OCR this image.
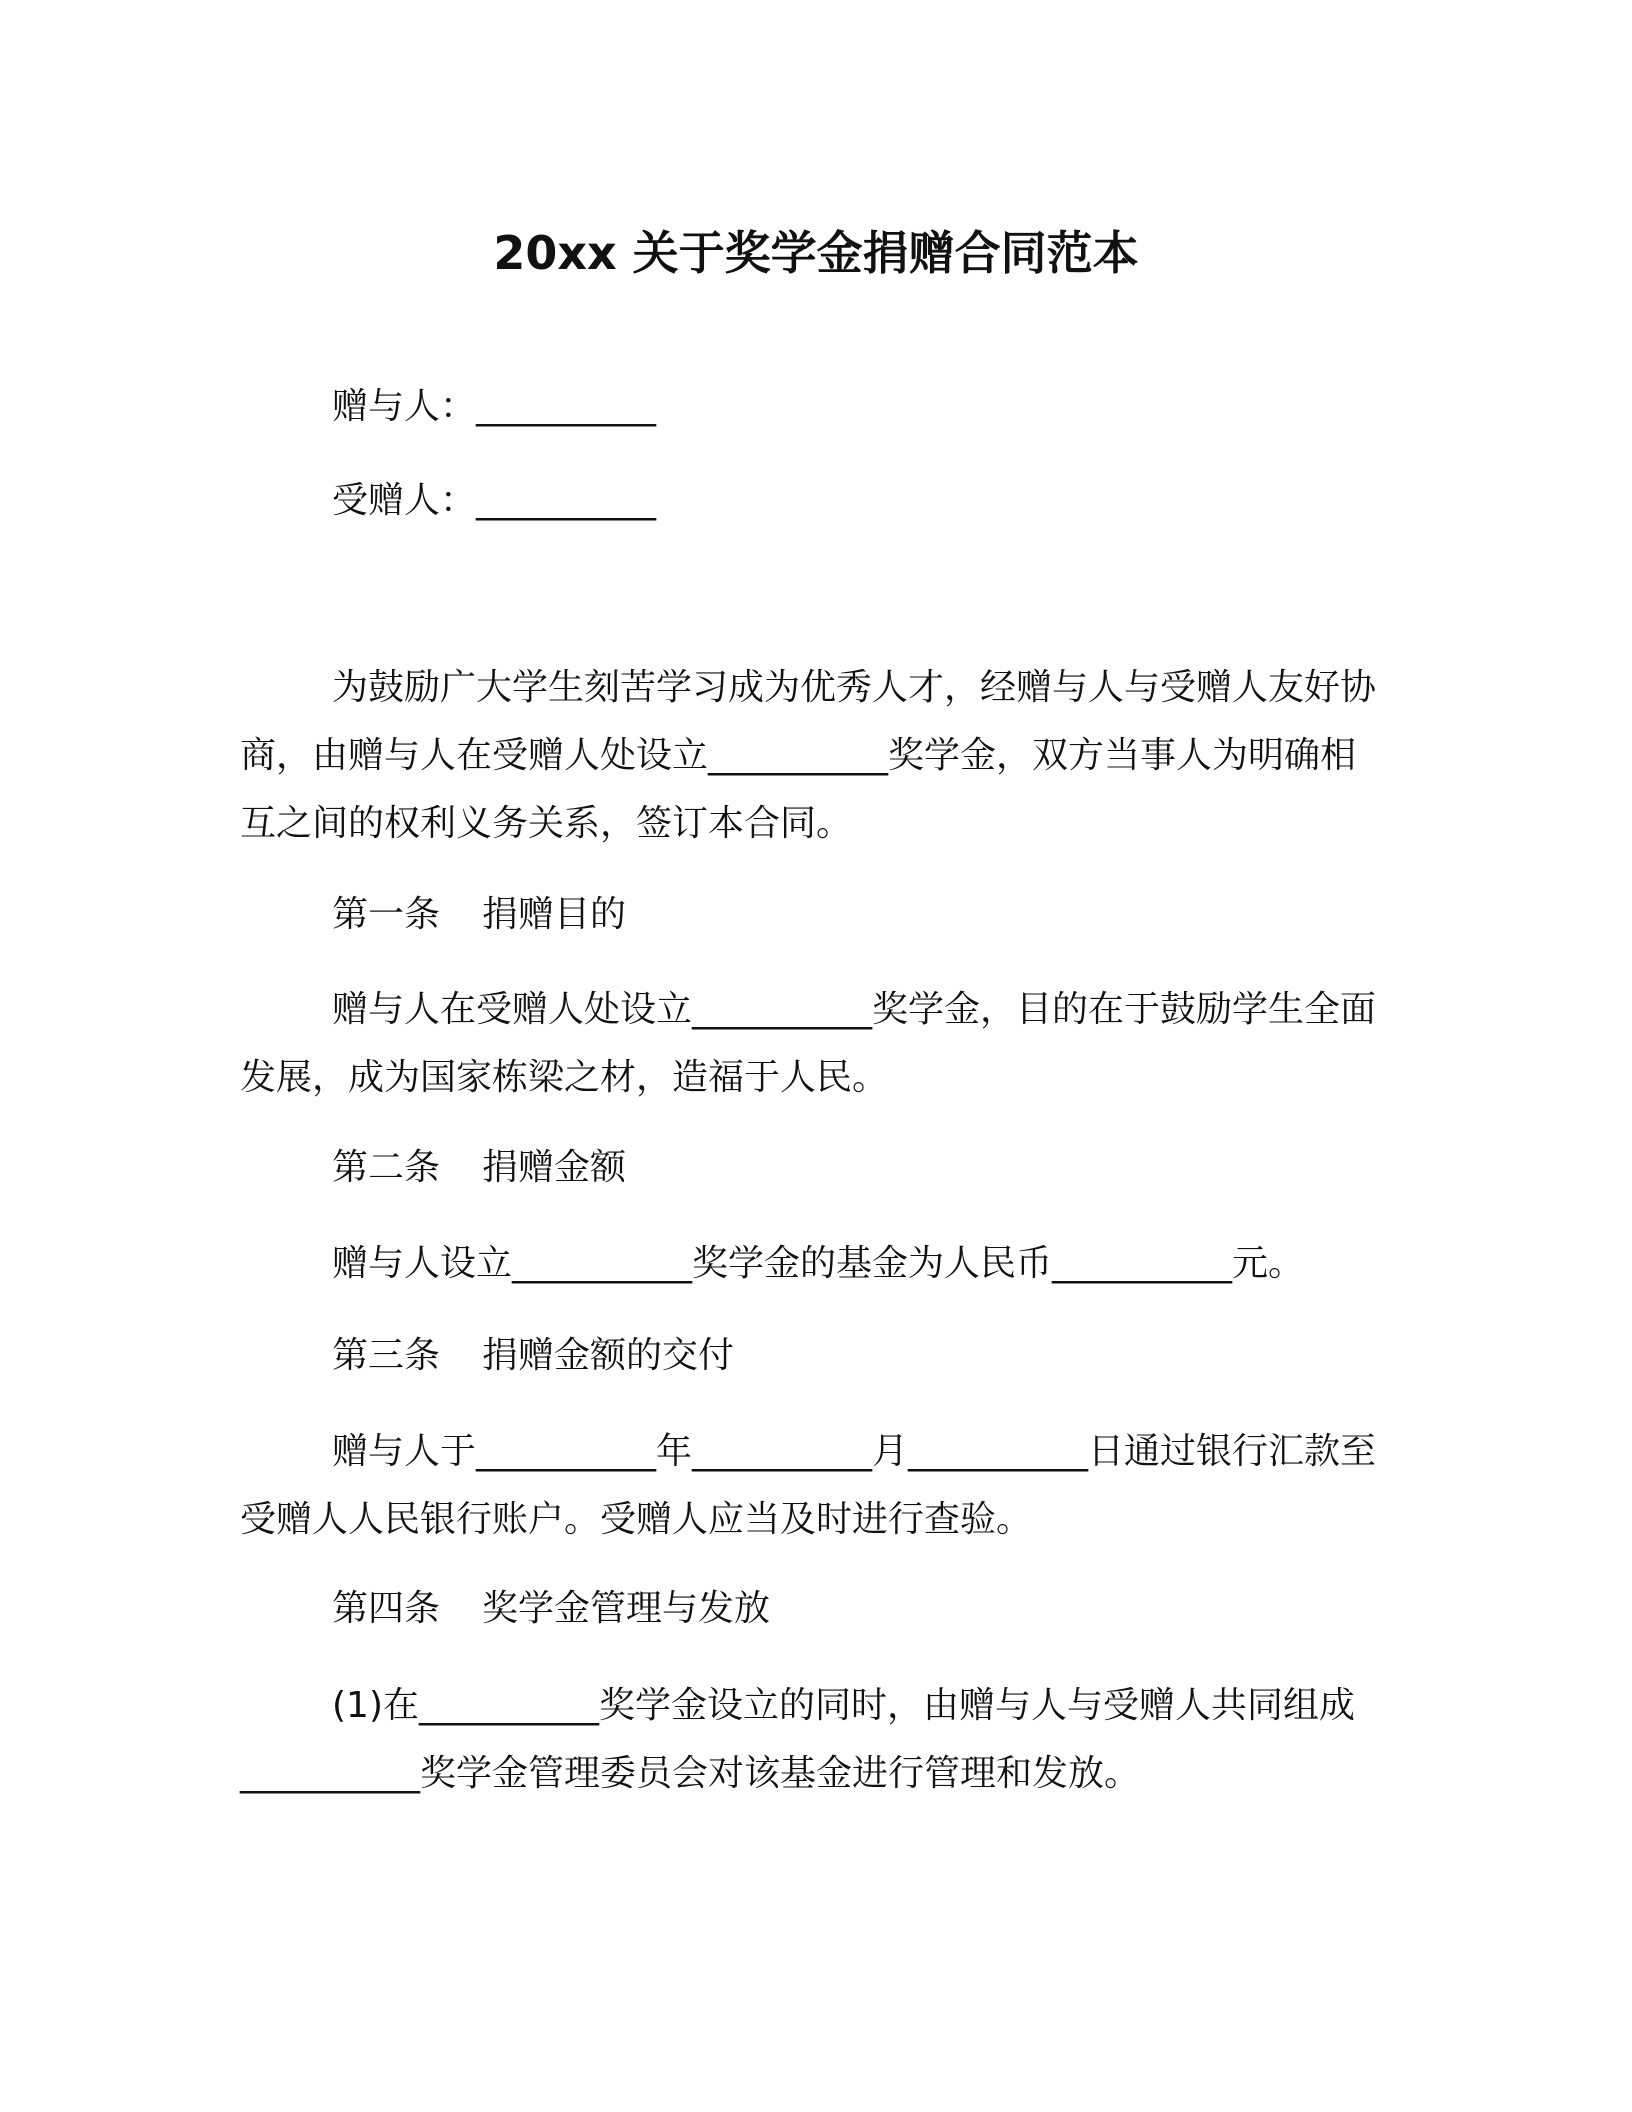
20xx 关于奖学金捐赠合同范本
赠与人：__________
受赠人：__________

为鼓励广大学生刻苦学习成为优秀人才，经赠与人与受赠人友好协商，由赠与人在受赠人处设立__________奖学金，双方当事人为明确相互之间的权利义务关系，签订本合同。

第一条 捐赠目的

赠与人在受赠人处设立__________奖学金，目的在于鼓励学生全面发展，成为国家栋梁之材，造福于人民。

第二条 捐赠金额

赠与人设立__________奖学金的基金为人民币__________元。

第三条 捐赠金额的交付

赠与人于__________年__________月__________日通过银行汇款至受赠人人民银行账户。受赠人应当及时进行查验。

第四条 奖学金管理与发放

(1)在__________奖学金设立的同时，由赠与人与受赠人共同组成__________奖学金管理委员会对该基金进行管理和发放。
